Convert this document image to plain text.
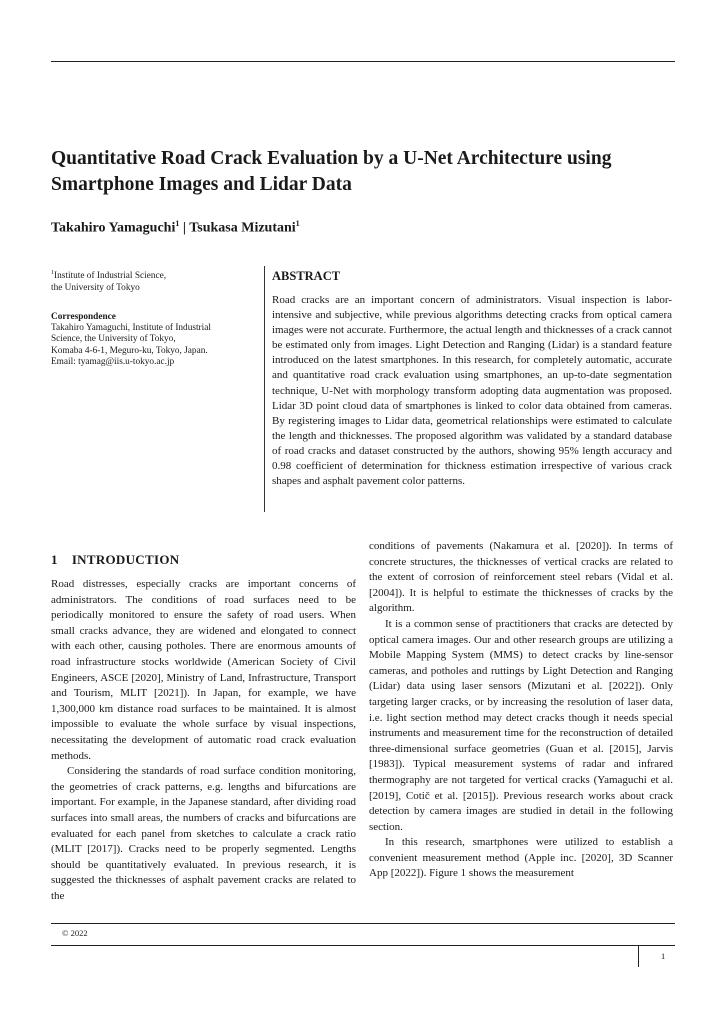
Quantitative Road Crack Evaluation by a U-Net Architecture using Smartphone Images and Lidar Data

Takahiro Yamaguchi$^1$ | Tsukasa Mizutani$^1$

$^1$Institute of Industrial Science,
the University of Tokyo

Correspondence

Takahiro Yamaguchi, Institute of Industrial

Science, the University of Tokyo,

Komaba 4-6-1, Meguro-ku, Tokyo, Japan.

Email: tyamag@iis.u-tokyo.ac.jp

ABSTRACT

Road cracks are an important concern of administrators. Visual inspection is labor-intensive and subjective, while previous algorithms detecting cracks from optical camera images were not accurate. Furthermore, the actual length and thicknesses of a crack cannot be estimated only from images. Light Detection and Ranging (Lidar) is a standard feature introduced on the latest smartphones. In this research, for completely automatic, accurate and quantitative road crack evaluation using smartphones, an up-to-date segmentation technique, U-Net with morphology transform adopting data augmentation was proposed. Lidar 3D point cloud data of smartphones is linked to color data obtained from cameras. By registering images to Lidar data, geometrical relationships were estimated to calculate the length and thicknesses. The proposed algorithm was validated by a standard database of road cracks and dataset constructed by the authors, showing 95% length accuracy and 0.98 coefficient of determination for thickness estimation irrespective of various crack shapes and asphalt pavement color patterns.

1 INTRODUCTION

Road distresses, especially cracks are important concerns of administrators. The conditions of road surfaces need to be periodically monitored to ensure the safety of road users. When small cracks advance, they are widened and elongated to connect with each other, causing potholes. There are enormous amounts of road infrastructure stocks worldwide (American Society of Civil Engineers, ASCE [2020], Ministry of Land, Infrastructure, Transport and Tourism, MLIT [2021]). In Japan, for example, we have 1,300,000 km distance road surfaces to be maintained. It is almost impossible to evaluate the whole surface by visual inspections, necessitating the development of automatic road crack evaluation methods.

Considering the standards of road surface condition monitoring, the geometries of crack patterns, e.g. lengths and bifurcations are important. For example, in the Japanese standard, after dividing road surfaces into small areas, the numbers of cracks and bifurcations are evaluated for each panel from sketches to calculate a crack ratio (MLIT [2017]). Cracks need to be properly segmented. Lengths should be quantitatively evaluated. In previous research, it is suggested the thicknesses of asphalt pavement cracks are related to the

conditions of pavements (Nakamura et al. [2020]). In terms of concrete structures, the thicknesses of vertical cracks are related to the extent of corrosion of reinforcement steel rebars (Vidal et al. [2004]). It is helpful to estimate the thicknesses of cracks by the algorithm.

It is a common sense of practitioners that cracks are detected by optical camera images. Our and other research groups are utilizing a Mobile Mapping System (MMS) to detect cracks by line-sensor cameras, and potholes and ruttings by Light Detection and Ranging (Lidar) data using laser sensors (Mizutani et al. [2022]). Only targeting larger cracks, or by increasing the resolution of laser data, i.e. light section method may detect cracks though it needs special instruments and measurement time for the reconstruction of detailed three-dimensional surface geometries (Guan et al. [2015], Jarvis [1983]). Typical measurement systems of radar and infrared thermography are not targeted for vertical cracks (Yamaguchi et al. [2019], Cotič et al. [2015]). Previous research works about crack detection by camera images are studied in detail in the following section.

In this research, smartphones were utilized to establish a convenient measurement method (Apple inc. [2020], 3D Scanner App [2022]). Figure 1 shows the measurement

© 2022

1
